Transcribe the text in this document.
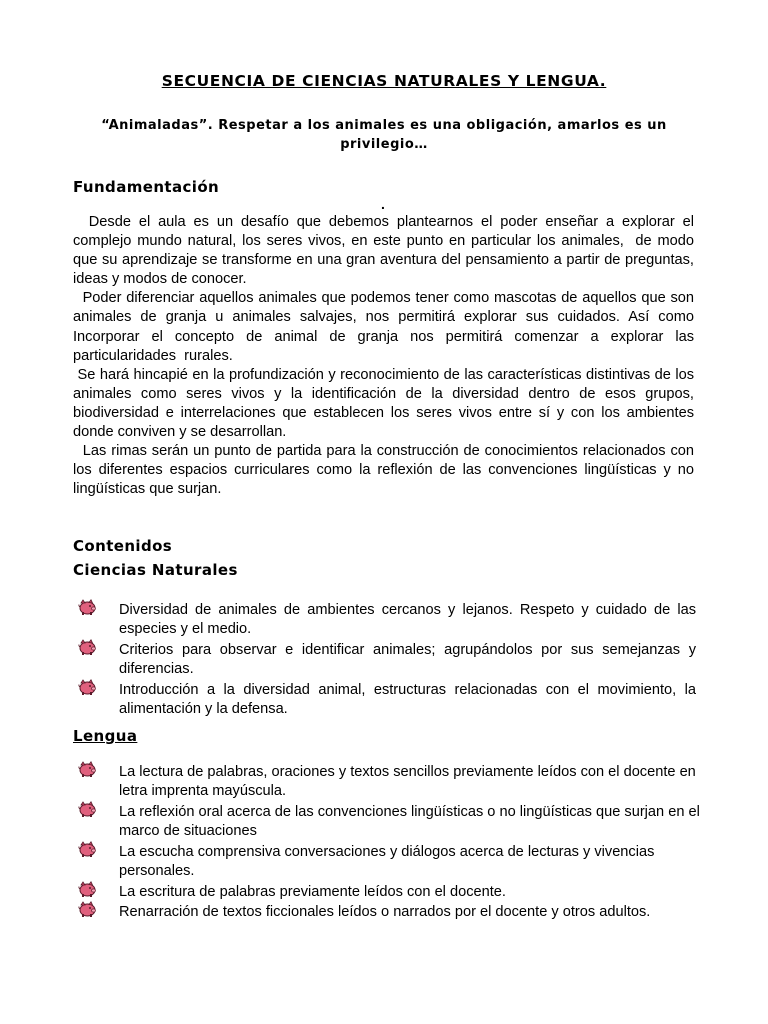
SECUENCIA DE CIENCIAS NATURALES Y LENGUA.
“Animaladas”. Respetar a los animales es una obligación, amarlos es un
privilegio…
Fundamentación
.

Desde el aula es un desafío que debemos plantearnos el poder enseñar a explorar el complejo mundo natural, los seres vivos, en este punto en particular los animales,  de modo que su aprendizaje se transforme en una gran aventura del pensamiento a partir de preguntas, ideas y modos de conocer.

Poder diferenciar aquellos animales que podemos tener como mascotas de aquellos que son animales de granja u animales salvajes, nos permitirá explorar sus cuidados. Así como  Incorporar el concepto de animal de granja nos permitirá comenzar a explorar las particularidades  rurales.

Se hará hincapié en la profundización y reconocimiento de las características distintivas de los animales como seres vivos y la identificación de la diversidad dentro de esos grupos, biodiversidad e interrelaciones que establecen los seres vivos entre sí y con los ambientes donde conviven y se desarrollan.

Las rimas serán un punto de partida para la construcción de conocimientos relacionados con los diferentes espacios curriculares como la reflexión de las convenciones lingüísticas y no lingüísticas que surjan.

Contenidos
Ciencias Naturales
Diversidad de animales de ambientes cercanos y lejanos. Respeto y cuidado de las especies y el medio.
Criterios para observar e identificar animales; agrupándolos por sus semejanzas y diferencias.
Introducción a la diversidad animal, estructuras relacionadas con el movimiento, la alimentación y la defensa.
Lengua
La lectura de palabras, oraciones y textos sencillos previamente leídos con el docente en letra imprenta mayúscula.
La reflexión oral acerca de las convenciones lingüísticas o no lingüísticas que surjan en el marco de situaciones
La escucha comprensiva conversaciones y diálogos acerca de lecturas y vivencias personales.
La escritura de palabras previamente leídos con el docente.
Renarración de textos ficcionales leídos o narrados por el docente y otros adultos.
